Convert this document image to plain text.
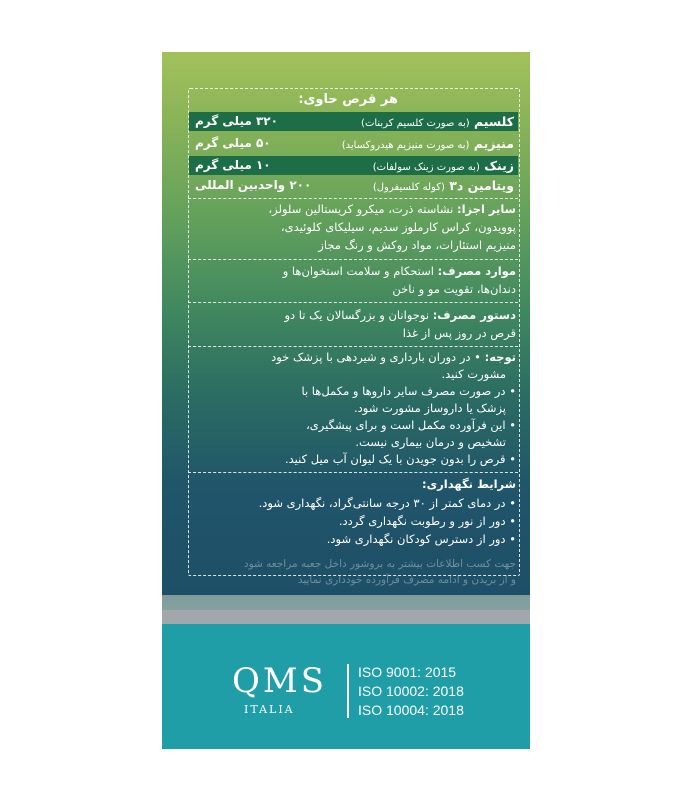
هر قرص حاوی:
کلسیم (به صورت کلسیم کربنات)
۳۲۰ میلی گرم
منیزیم (به صورت منیزیم هیدروکساید)
۵۰ میلی گرم
زینک (به صورت زینک سولفات)
۱۰ میلی گرم
ویتامین د۳ (کوله کلسیفرول)
۲۰۰ واحدبین المللی
سایر اجزا: نشاسته ذرت، میکرو کریستالین سلولز،
پوویدون، کراس کارملوز سدیم، سیلیکای کلوئیدی،
منیزیم استئارات، مواد روکش و رنگ مجاز
موارد مصرف: استحکام و سلامت استخوان‌ها و
دندان‌ها، تقویت مو و ناخن
دستور مصرف: نوجوانان و بزرگسالان یک تا دو
قرص در روز پس از غذا
توجه: • در دوران بارداری و شیردهی با پزشک خود
مشورت کنید.
• در صورت مصرف سایر داروها و مکمل‌ها با
پزشک یا داروساز مشورت شود.
• این فرآورده مکمل است و برای پیشگیری،
تشخیص و درمان بیماری نیست.
• قرص را بدون جویدن با یک لیوان آب میل کنید.
شرایط نگهداری:
• در دمای کمتر از ۳۰ درجه سانتی‌گراد، نگهداری شود.
• دور از نور و رطوبت نگهداری گردد.
• دور از دسترس کودکان نگهداری شود.
جهت کسب اطلاعات بیشتر به بروشور داخل جعبه مراجعه شود
و از بریدن و ادامه مصرف فرآورده خودداری نمایید
QMS
ITALIA
ISO 9001: 2015
ISO 10002: 2018
ISO 10004: 2018
